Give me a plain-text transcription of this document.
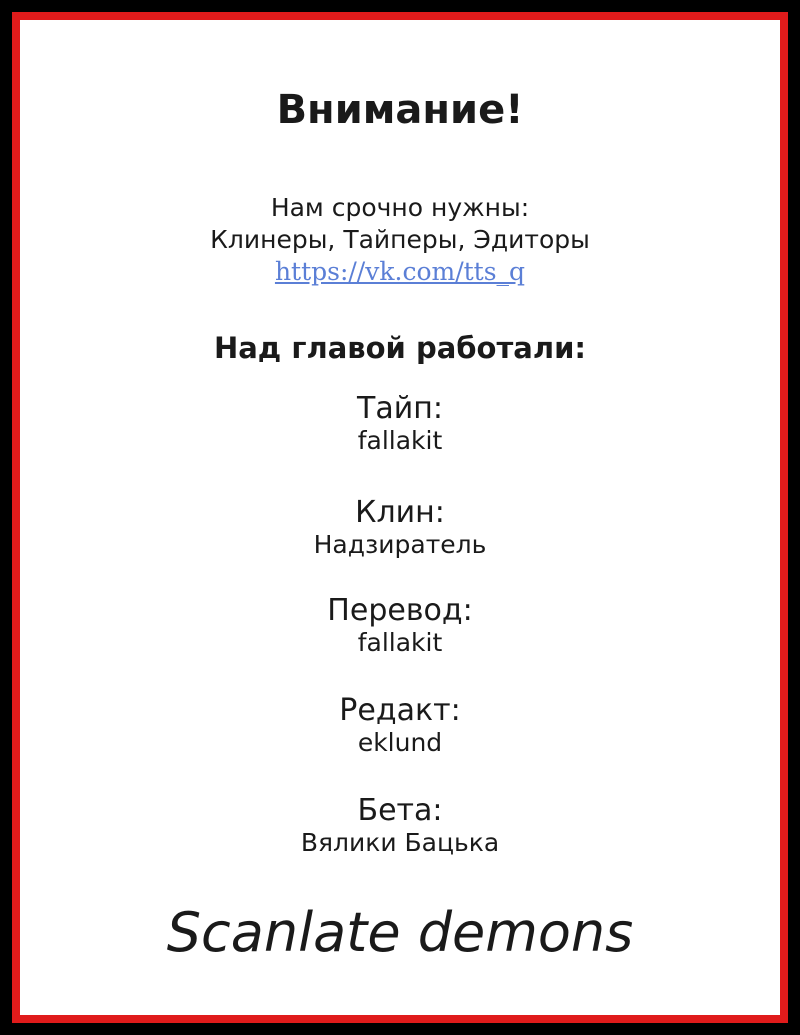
Внимание!
Нам срочно нужны:
Клинеры, Тайперы, Эдиторы
https://vk.com/tts_q
Над главой работали:
Тайп:
fallakit
Клин:
Надзиратель
Перевод:
fallakit
Редакт:
eklund
Бета:
Вялики Бацька
Scanlate demons
